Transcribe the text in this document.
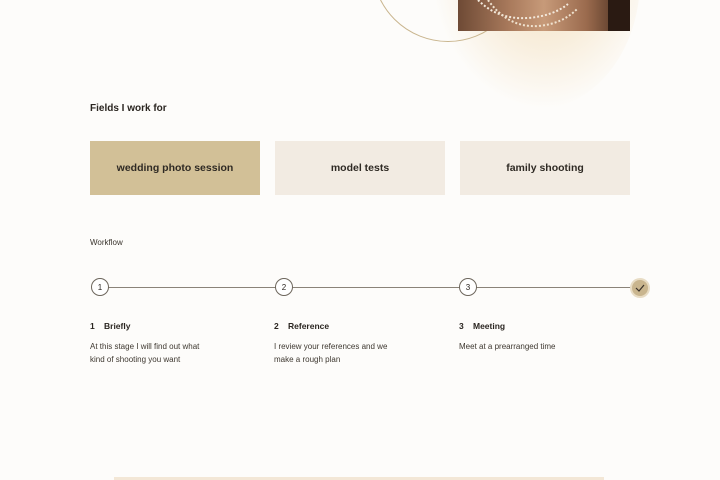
Fields I work for
wedding photo session	model tests	family shooting
Workflow
1	2	3
1 Briefly
At this stage I will find out what kind of shooting you want
2 Reference
I review your references and we make a rough plan
3 Meeting
Meet at a prearranged time
